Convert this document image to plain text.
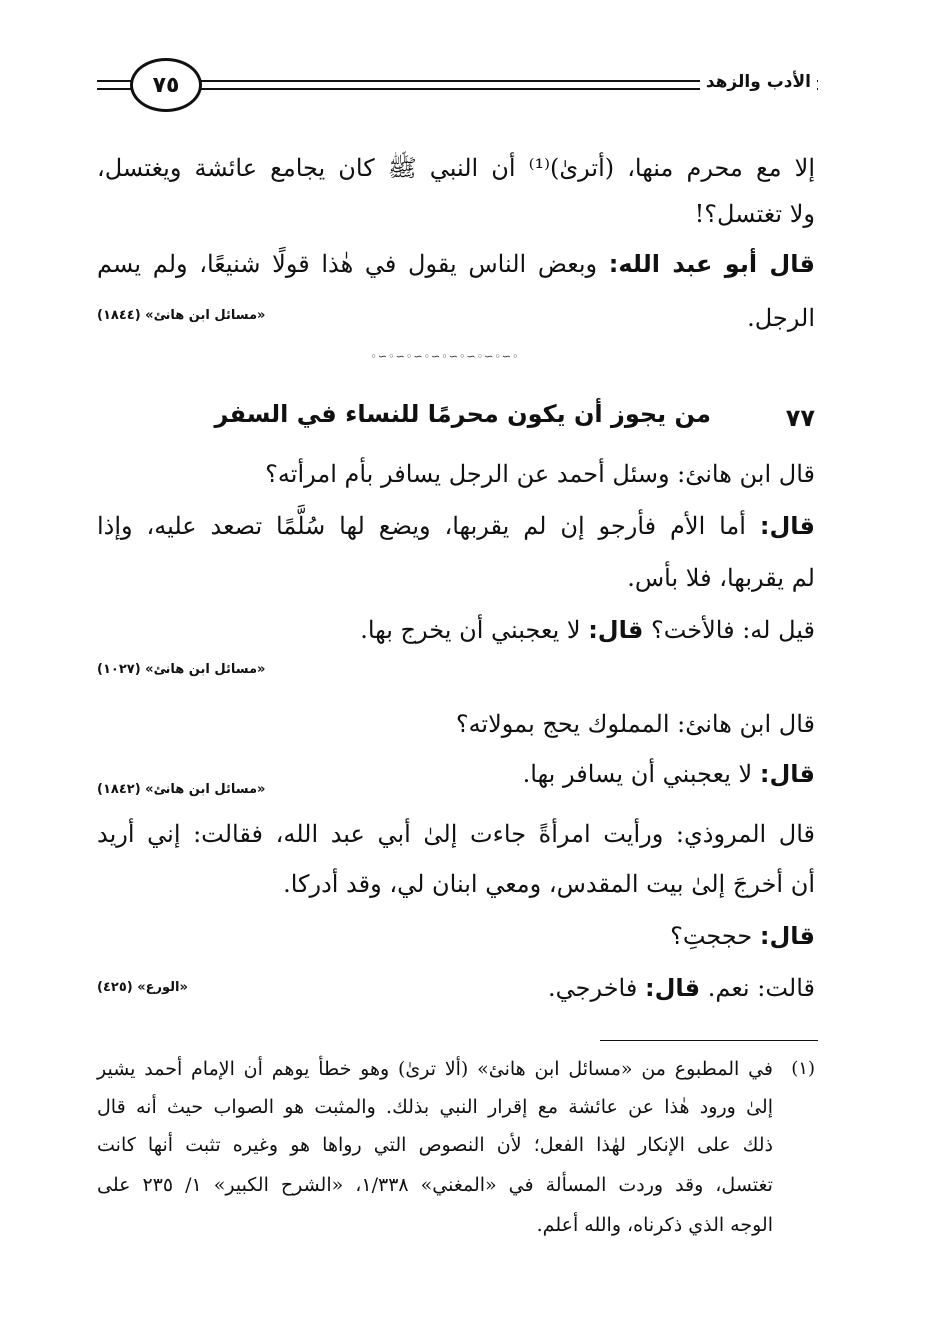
٧٥	الأدب والزهد
إلا مع محرم منها، (أترىٰ)⁽¹⁾ أن النبي ﷺ كان يجامع عائشة ويغتسل،
ولا تغتسل؟!
قال أبو عبد الله: وبعض الناس يقول في هٰذا قولًا شنيعًا، ولم يسم
الرجل.
«مسائل ابن هانئ» (١٨٤٤)
◦∽◦∽◦∽◦∽◦∽◦∽◦∽◦∽◦
٧٧
من يجوز أن يكون محرمًا للنساء في السفر
قال ابن هانئ: وسئل أحمد عن الرجل يسافر بأم امرأته؟
قال: أما الأم فأرجو إن لم يقربها، ويضع لها سُلَّمًا تصعد عليه، وإذا
لم يقربها، فلا بأس.
قيل له: فالأخت؟ قال: لا يعجبني أن يخرج بها.
«مسائل ابن هانئ» (١٠٢٧)
قال ابن هانئ: المملوك يحج بمولاته؟
قال: لا يعجبني أن يسافر بها.
«مسائل ابن هانئ» (١٨٤٢)
قال المروذي: ورأيت امرأةً جاءت إلىٰ أبي عبد الله، فقالت: إني أريد
أن أخرجَ إلىٰ بيت المقدس، ومعي ابنان لي، وقد أدركا.
قال: حججتِ؟
قالت: نعم. قال: فاخرجي.
«الورع» (٤٢٥)
(١)
في المطبوع من «مسائل ابن هانئ» (ألا ترىٰ) وهو خطأ يوهم أن الإمام أحمد يشير
إلىٰ ورود هٰذا عن عائشة مع إقرار النبي بذلك. والمثبت هو الصواب حيث أنه قال
ذلك على الإنكار لهٰذا الفعل؛ لأن النصوص التي رواها هو وغيره تثبت أنها كانت
تغتسل، وقد وردت المسألة في «المغني» ١/٣٣٨، «الشرح الكبير» ١/ ٢٣٥ على
الوجه الذي ذكرناه، والله أعلم.
